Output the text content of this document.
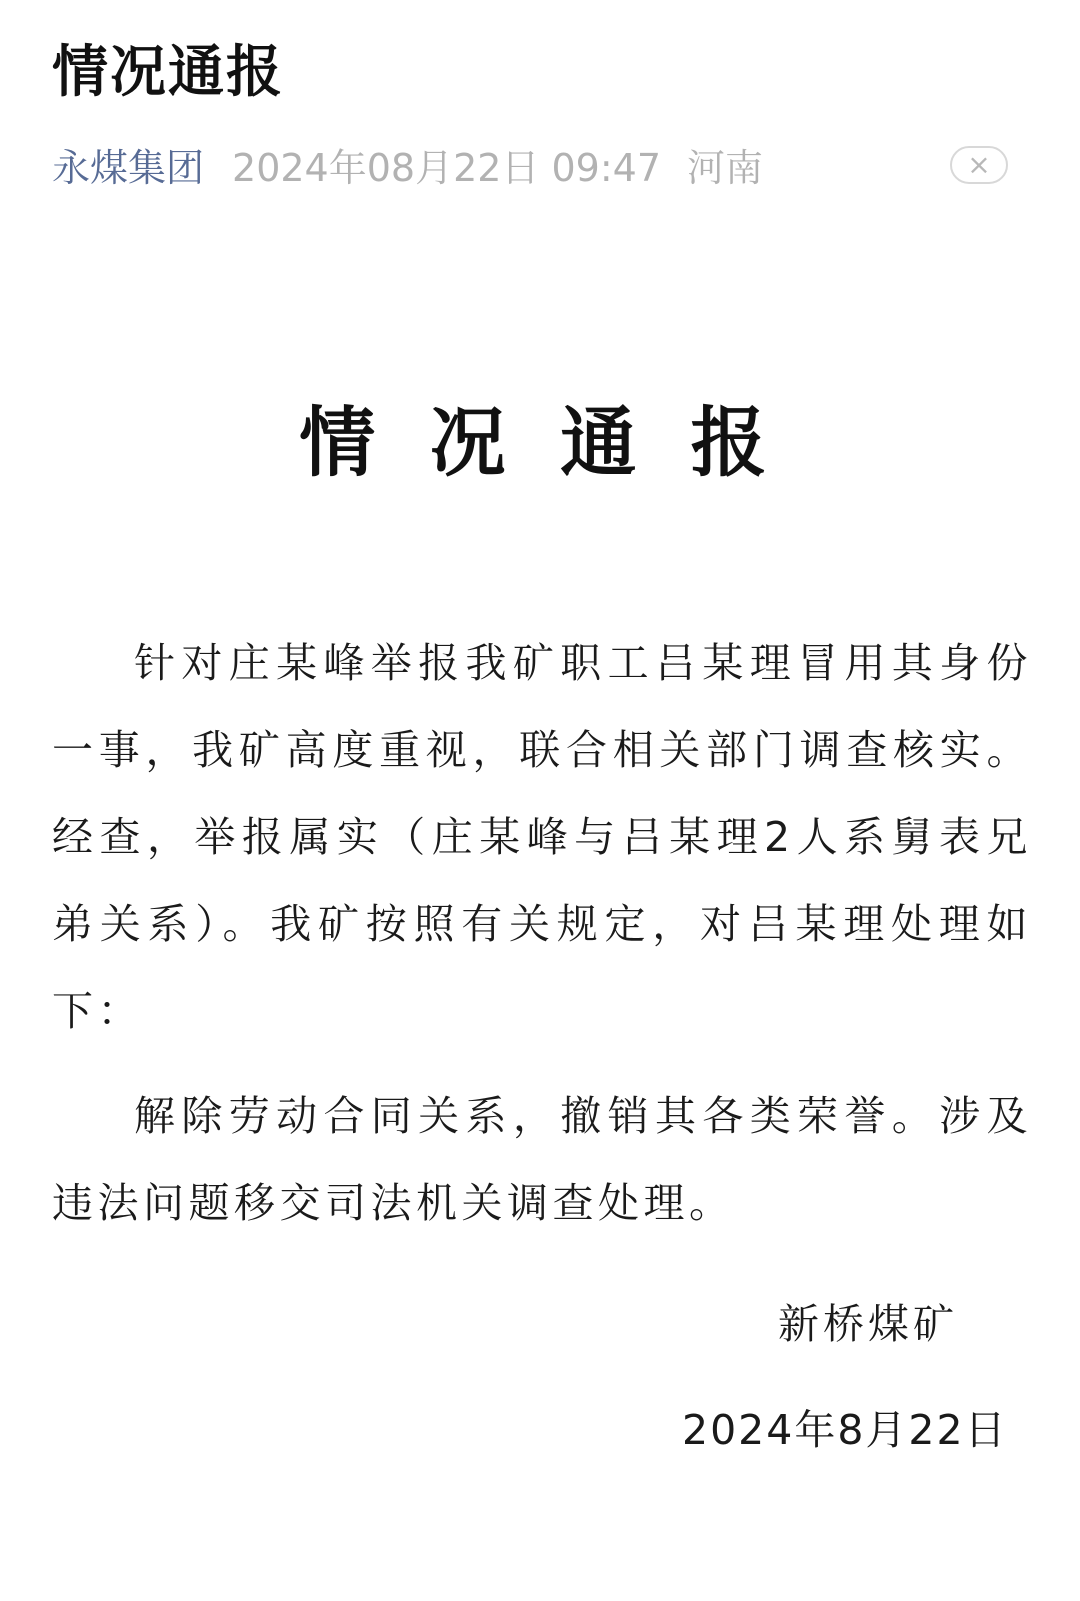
情况通报
永煤集团 2024年08月22日 09:47 河南	×
情 况 通 报

针对庄某峰举报我矿职工吕某理冒用其身份一事，我矿高度重视，联合相关部门调查核实。经查，举报属实（庄某峰与吕某理2人系舅表兄弟关系）。我矿按照有关规定，对吕某理处理如下：

解除劳动合同关系，撤销其各类荣誉。涉及违法问题移交司法机关调查处理。

新桥煤矿
2024年8月22日
